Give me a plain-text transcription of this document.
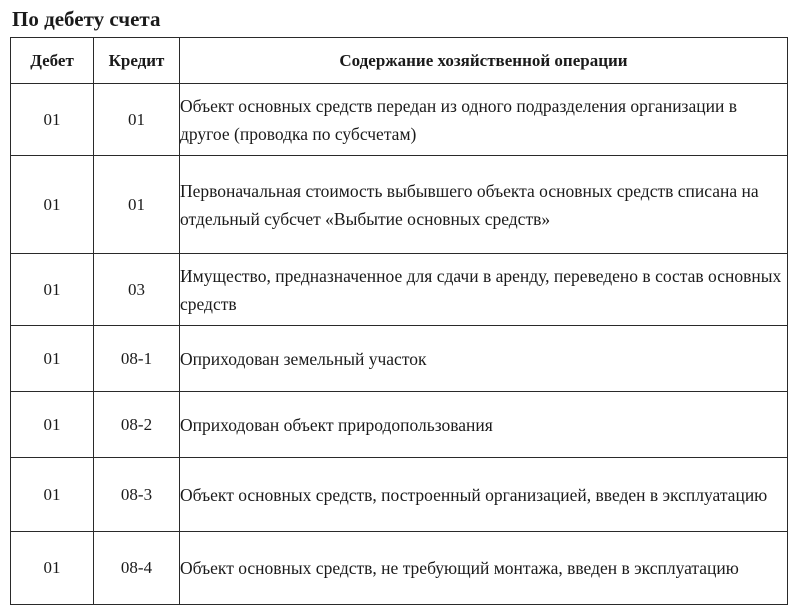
По дебету счета
Дебет	Кредит	Содержание хозяйственной операции
01	01	Объект основных средств передан из одного подразделения организации в другое (проводка по субсчетам)
01	01	Первоначальная стоимость выбывшего объекта основных средств списана на отдельный субсчет «Выбытие основных средств»
01	03	Имущество, предназначенное для сдачи в аренду, переведено в состав основных средств
01	08-1	Оприходован земельный участок
01	08-2	Оприходован объект природопользования
01	08-3	Объект основных средств, построенный организацией, введен в эксплуатацию
01	08-4	Объект основных средств, не требующий монтажа, введен в эксплуатацию
